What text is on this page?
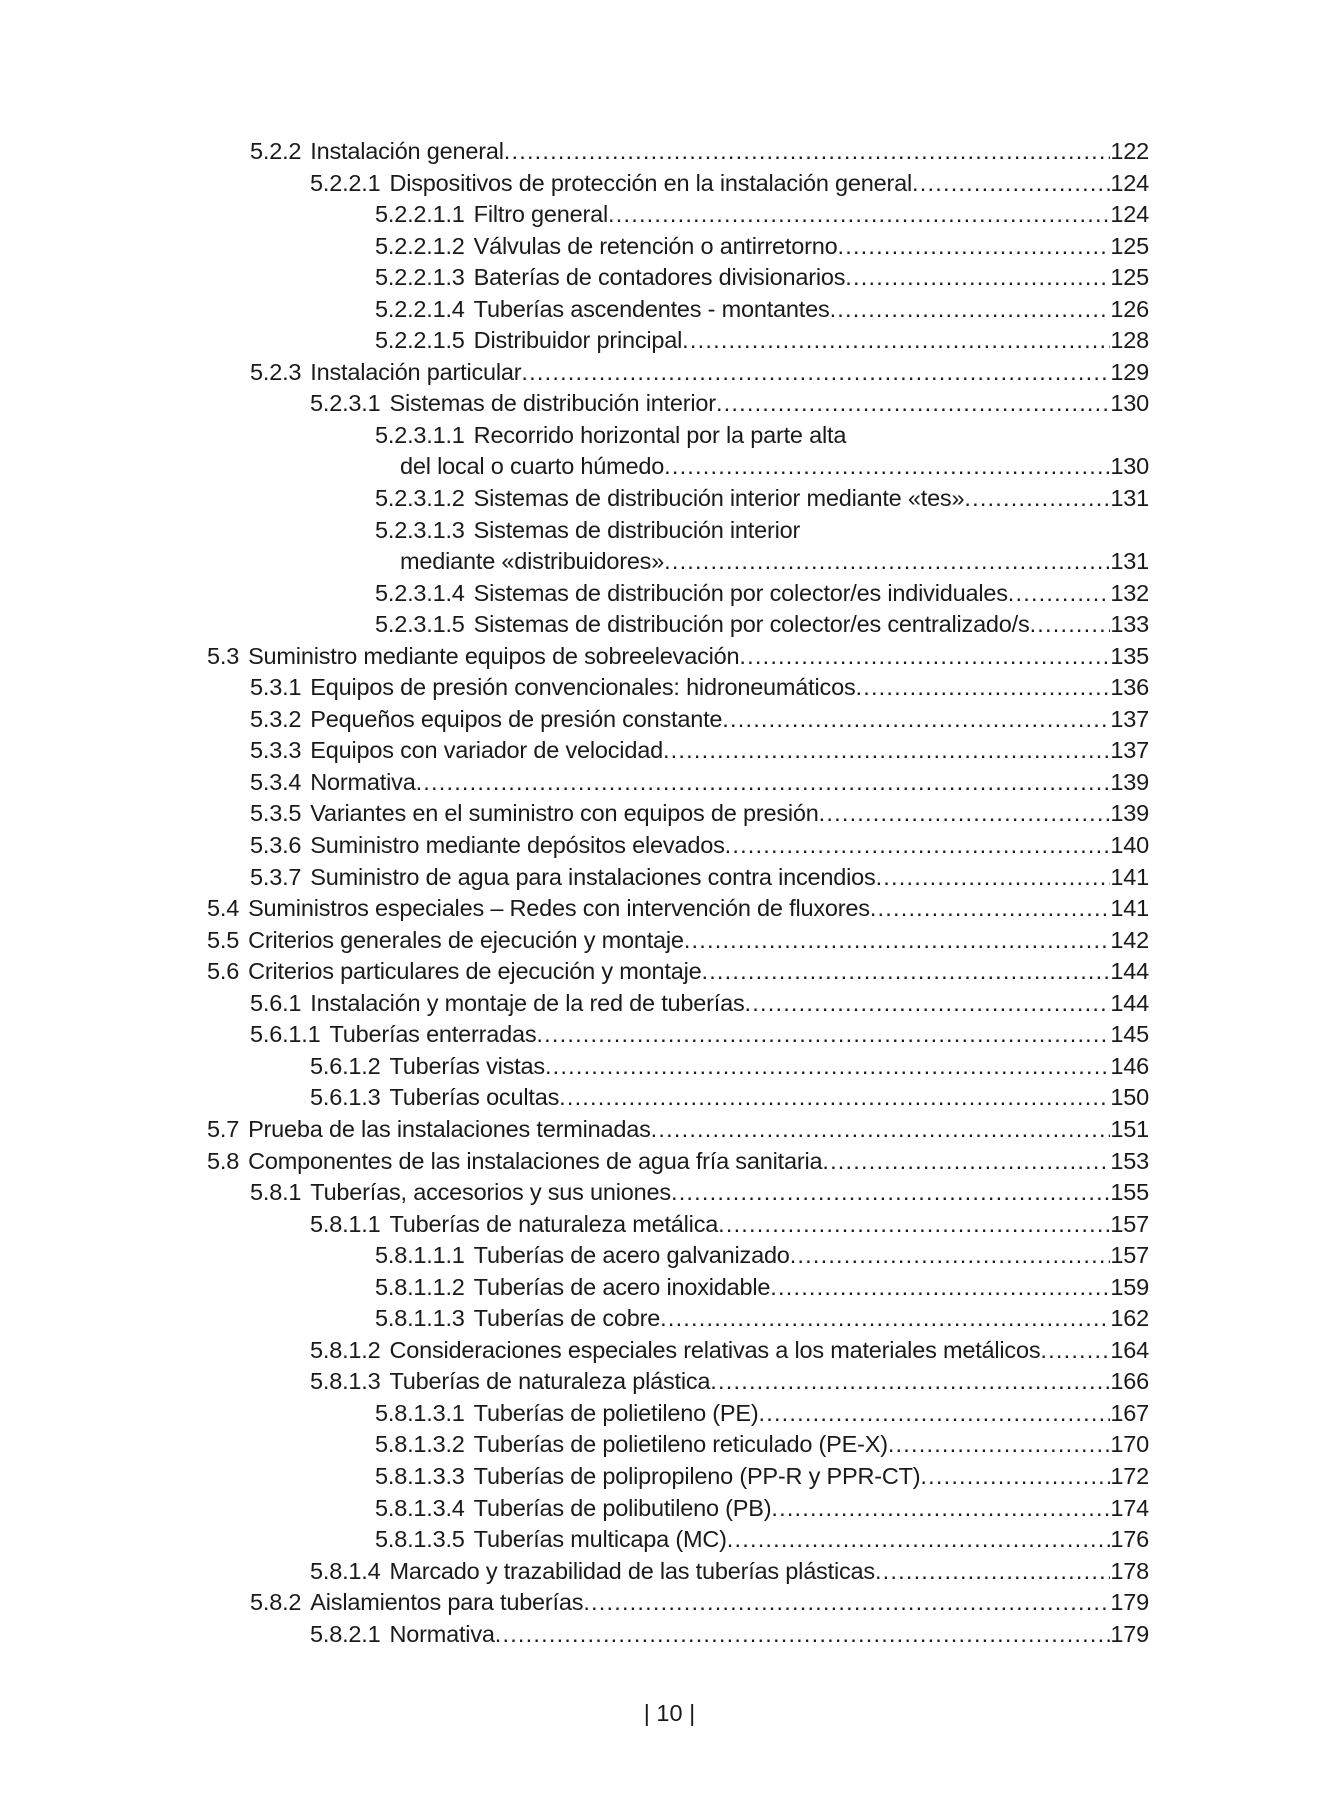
5.2.2 Instalación general .....	122
5.2.2.1 Dispositivos de protección en la instalación general .....	124
5.2.2.1.1 Filtro general .....	124
5.2.2.1.2 Válvulas de retención o antirretorno .....	125
5.2.2.1.3 Baterías de contadores divisionarios .....	125
5.2.2.1.4 Tuberías ascendentes - montantes .....	126
5.2.2.1.5 Distribuidor principal .....	128
5.2.3 Instalación particular .....	129
5.2.3.1 Sistemas de distribución interior .....	130
5.2.3.1.1 Recorrido horizontal por la parte alta
del local o cuarto húmedo .....	130
5.2.3.1.2 Sistemas de distribución interior mediante «tes» .....	131
5.2.3.1.3 Sistemas de distribución interior
mediante «distribuidores» .....	131
5.2.3.1.4 Sistemas de distribución por colector/es individuales .....	132
5.2.3.1.5 Sistemas de distribución por colector/es centralizado/s .....	133
5.3 Suministro mediante equipos de sobreelevación .....	135
5.3.1 Equipos de presión convencionales: hidroneumáticos .....	136
5.3.2 Pequeños equipos de presión constante .....	137
5.3.3 Equipos con variador de velocidad .....	137
5.3.4 Normativa .....	139
5.3.5 Variantes en el suministro con equipos de presión .....	139
5.3.6 Suministro mediante depósitos elevados .....	140
5.3.7 Suministro de agua para instalaciones contra incendios .....	141
5.4 Suministros especiales – Redes con intervención de fluxores .....	141
5.5 Criterios generales de ejecución y montaje .....	142
5.6 Criterios particulares de ejecución y montaje .....	144
5.6.1 Instalación y montaje de la red de tuberías .....	144
5.6.1.1 Tuberías enterradas .....	145
5.6.1.2 Tuberías vistas .....	146
5.6.1.3 Tuberías ocultas .....	150
5.7 Prueba de las instalaciones terminadas .....	151
5.8 Componentes de las instalaciones de agua fría sanitaria .....	153
5.8.1 Tuberías, accesorios y sus uniones .....	155
5.8.1.1 Tuberías de naturaleza metálica .....	157
5.8.1.1.1 Tuberías de acero galvanizado .....	157
5.8.1.1.2 Tuberías de acero inoxidable .....	159
5.8.1.1.3 Tuberías de cobre .....	162
5.8.1.2 Consideraciones especiales relativas a los materiales metálicos .....	164
5.8.1.3 Tuberías de naturaleza plástica .....	166
5.8.1.3.1 Tuberías de polietileno (PE) .....	167
5.8.1.3.2 Tuberías de polietileno reticulado (PE-X) .....	170
5.8.1.3.3 Tuberías de polipropileno (PP-R y PPR-CT) .....	172
5.8.1.3.4 Tuberías de polibutileno (PB) .....	174
5.8.1.3.5 Tuberías multicapa (MC) .....	176
5.8.1.4 Marcado y trazabilidad de las tuberías plásticas .....	178
5.8.2 Aislamientos para tuberías .....	179
5.8.2.1 Normativa .....	179
| 10 |
